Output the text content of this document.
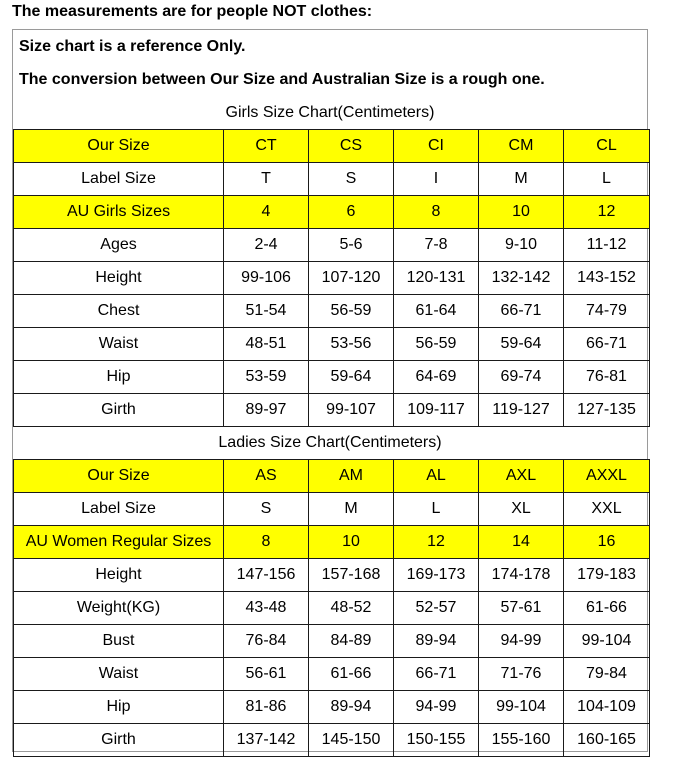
The measurements are for people NOT clothes:
Size chart is a reference Only.
The conversion between Our Size and Australian Size is a rough one.
Girls Size Chart(Centimeters)
Our Size	CT	CS	CI	CM	CL
Label Size	T	S	I	M	L
AU Girls Sizes	4	6	8	10	12
Ages	2-4	5-6	7-8	9-10	11-12
Height	99-106	107-120	120-131	132-142	143-152
Chest	51-54	56-59	61-64	66-71	74-79
Waist	48-51	53-56	56-59	59-64	66-71
Hip	53-59	59-64	64-69	69-74	76-81
Girth	89-97	99-107	109-117	119-127	127-135
Ladies Size Chart(Centimeters)
Our Size	AS	AM	AL	AXL	AXXL
Label Size	S	M	L	XL	XXL
AU Women Regular Sizes	8	10	12	14	16
Height	147-156	157-168	169-173	174-178	179-183
Weight(KG)	43-48	48-52	52-57	57-61	61-66
Bust	76-84	84-89	89-94	94-99	99-104
Waist	56-61	61-66	66-71	71-76	79-84
Hip	81-86	89-94	94-99	99-104	104-109
Girth	137-142	145-150	150-155	155-160	160-165
